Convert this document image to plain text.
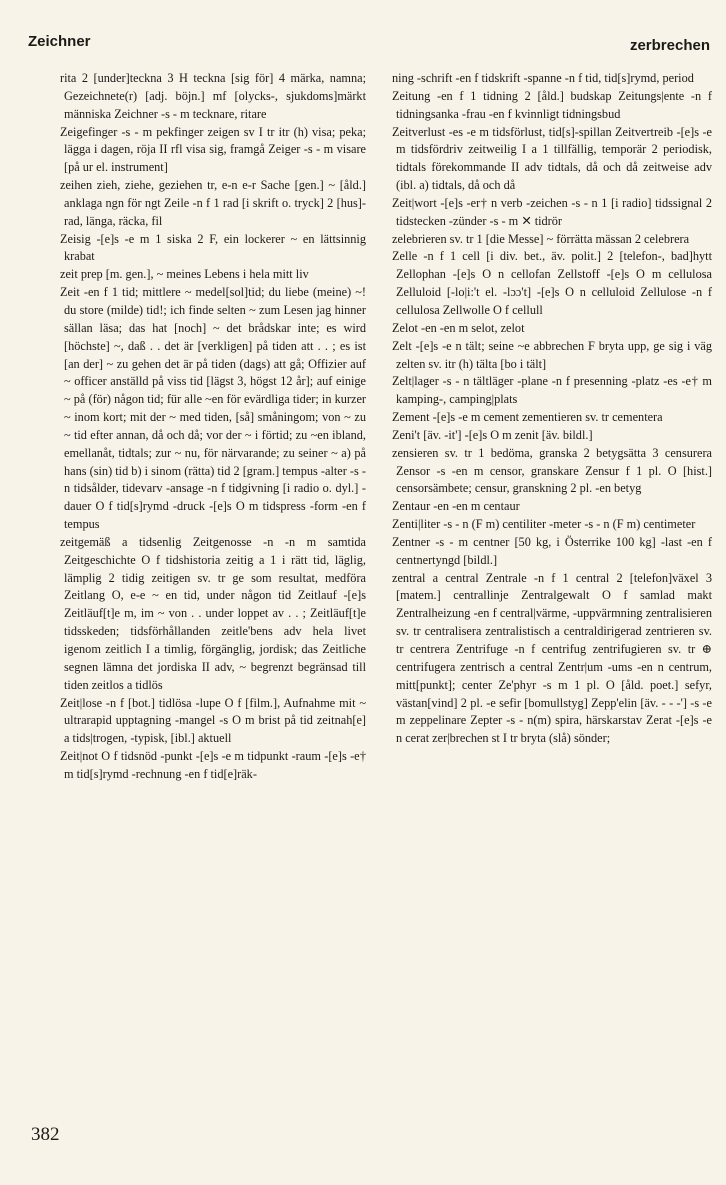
Zeichner	zerbrechen

rita 2 [under]teckna 3 H teckna [sig för] 4 märka, namna; Gezeichnete(r) [adj. böjn.] mf [olycks-, sjukdoms]märkt människa Zeichner -s - m tecknare, ritare

Zeigefinger -s - m pekfinger zeigen sv I tr itr (h) visa; peka; lägga i dagen, röja II rfl visa sig, framgå Zeiger -s - m visare [på ur el. instrument]

zeihen zieh, ziehe, geziehen tr, e-n e-r Sache [gen.] ~ [åld.] anklaga ngn för ngt Zeile -n f 1 rad [i skrift o. tryck] 2 [hus]-rad, länga, räcka, fil

Zeisig -[e]s -e m 1 siska 2 F, ein lockerer ~ en lättsinnig krabat

zeit prep [m. gen.], ~ meines Lebens i hela mitt liv

Zeit -en f 1 tid; mittlere ~ medel[sol]tid; du liebe (meine) ~! du store (milde) tid!; ich finde selten ~ zum Lesen jag hinner sällan läsa; das hat [noch] ~ det brådskar inte; es wird [höchste] ~, daß . . det är [verkligen] på tiden att . . ; es ist [an der] ~ zu gehen det är på tiden (dags) att gå; Offizier auf ~ officer anställd på viss tid [lägst 3, högst 12 år]; auf einige ~ på (för) någon tid; für alle ~en för evärdliga tider; in kurzer ~ inom kort; mit der ~ med tiden, [så] småningom; von ~ zu ~ tid efter annan, då och då; vor der ~ i förtid; zu ~en ibland, emellanåt, tidtals; zur ~ nu, för närvarande; zu seiner ~ a) på hans (sin) tid b) i sinom (rätta) tid 2 [gram.] tempus -alter -s - n tidsålder, tidevarv -ansage -n f tidgivning [i radio o. dyl.] -dauer O f tid[s]rymd -druck -[e]s O m tidspress -form -en f tempus

zeitgemäß a tidsenlig Zeitgenosse -n -n m samtida Zeitgeschichte O f tidshistoria zeitig a 1 i rätt tid, läglig, lämplig 2 tidig zeitigen sv. tr ge som resultat, medföra Zeitlang O, e-e ~ en tid, under någon tid Zeitlauf -[e]s Zeitläuf[t]e m, im ~ von . . under loppet av . . ; Zeitläuf[t]e tidsskeden; tidsförhållanden zeitle'bens adv hela livet igenom zeitlich I a timlig, förgänglig, jordisk; das Zeitliche segnen lämna det jordiska II adv, ~ begrenzt begränsad till tiden zeitlos a tidlös

Zeit|lose -n f [bot.] tidlösa -lupe O f [film.], Aufnahme mit ~ ultrarapid upptagning -mangel -s O m brist på tid zeitnah[e] a tids|trogen, -typisk, [ibl.] aktuell

Zeit|not O f tidsnöd -punkt -[e]s -e m tidpunkt -raum -[e]s -e† m tid[s]rymd -rechnung -en f tid[e]räk-

ning -schrift -en f tidskrift -spanne -n f tid, tid[s]rymd, period

Zeitung -en f 1 tidning 2 [åld.] budskap Zeitungs|ente -n f tidningsanka -frau -en f kvinnligt tidningsbud

Zeitverlust -es -e m tidsförlust, tid[s]-spillan Zeitvertreib -[e]s -e m tidsfördriv zeitweilig I a 1 tillfällig, temporär 2 periodisk, tidtals förekommande II adv tidtals, då och då zeitweise adv (ibl. a) tidtals, då och då

Zeit|wort -[e]s -er† n verb -zeichen -s - n 1 [i radio] tidssignal 2 tidstecken -zünder -s - m ✕ tidrör

zelebrieren sv. tr 1 [die Messe] ~ förrätta mässan 2 celebrera

Zelle -n f 1 cell [i div. bet., äv. polit.] 2 [telefon-, bad]hytt Zellophan -[e]s O n cellofan Zellstoff -[e]s O m cellulosa Zelluloid [-lo|i:'t el. -lɔɔ't] -[e]s O n celluloid Zellulose -n f cellulosa Zellwolle O f cellull

Zelot -en -en m selot, zelot

Zelt -[e]s -e n tält; seine ~e abbrechen F bryta upp, ge sig i väg zelten sv. itr (h) tälta [bo i tält]

Zelt|lager -s - n tältläger -plane -n f presenning -platz -es -e† m kamping-, camping|plats

Zement -[e]s -e m cement zementieren sv. tr cementera

Zeni't [äv. -it'] -[e]s O m zenit [äv. bildl.]

zensieren sv. tr 1 bedöma, granska 2 betygsätta 3 censurera Zensor -s -en m censor, granskare Zensur f 1 pl. O [hist.] censorsämbete; censur, granskning 2 pl. -en betyg

Zentaur -en -en m centaur

Zenti|liter -s - n (F m) centiliter -meter -s - n (F m) centimeter

Zentner -s - m centner [50 kg, i Österrike 100 kg] -last -en f centnertyngd [bildl.]

zentral a central Zentrale -n f 1 central 2 [telefon]växel 3 [matem.] centrallinje Zentralgewalt O f samlad makt Zentralheizung -en f central|värme, -uppvärmning zentralisieren sv. tr centralisera zentralistisch a centraldirigerad zentrieren sv. tr centrera Zentrifuge -n f centrifug zentrifugieren sv. tr ⊕ centrifugera zentrisch a central Zentr|um -ums -en n centrum, mitt[punkt]; center Ze'phyr -s m 1 pl. O [åld. poet.] sefyr, västan[vind] 2 pl. -e sefir [bomullstyg] Zepp'elin [äv. - - -'] -s -e m zeppelinare Zepter -s - n(m) spira, härskarstav Zerat -[e]s -e n cerat zer|brechen st I tr bryta (slå) sönder;

382
